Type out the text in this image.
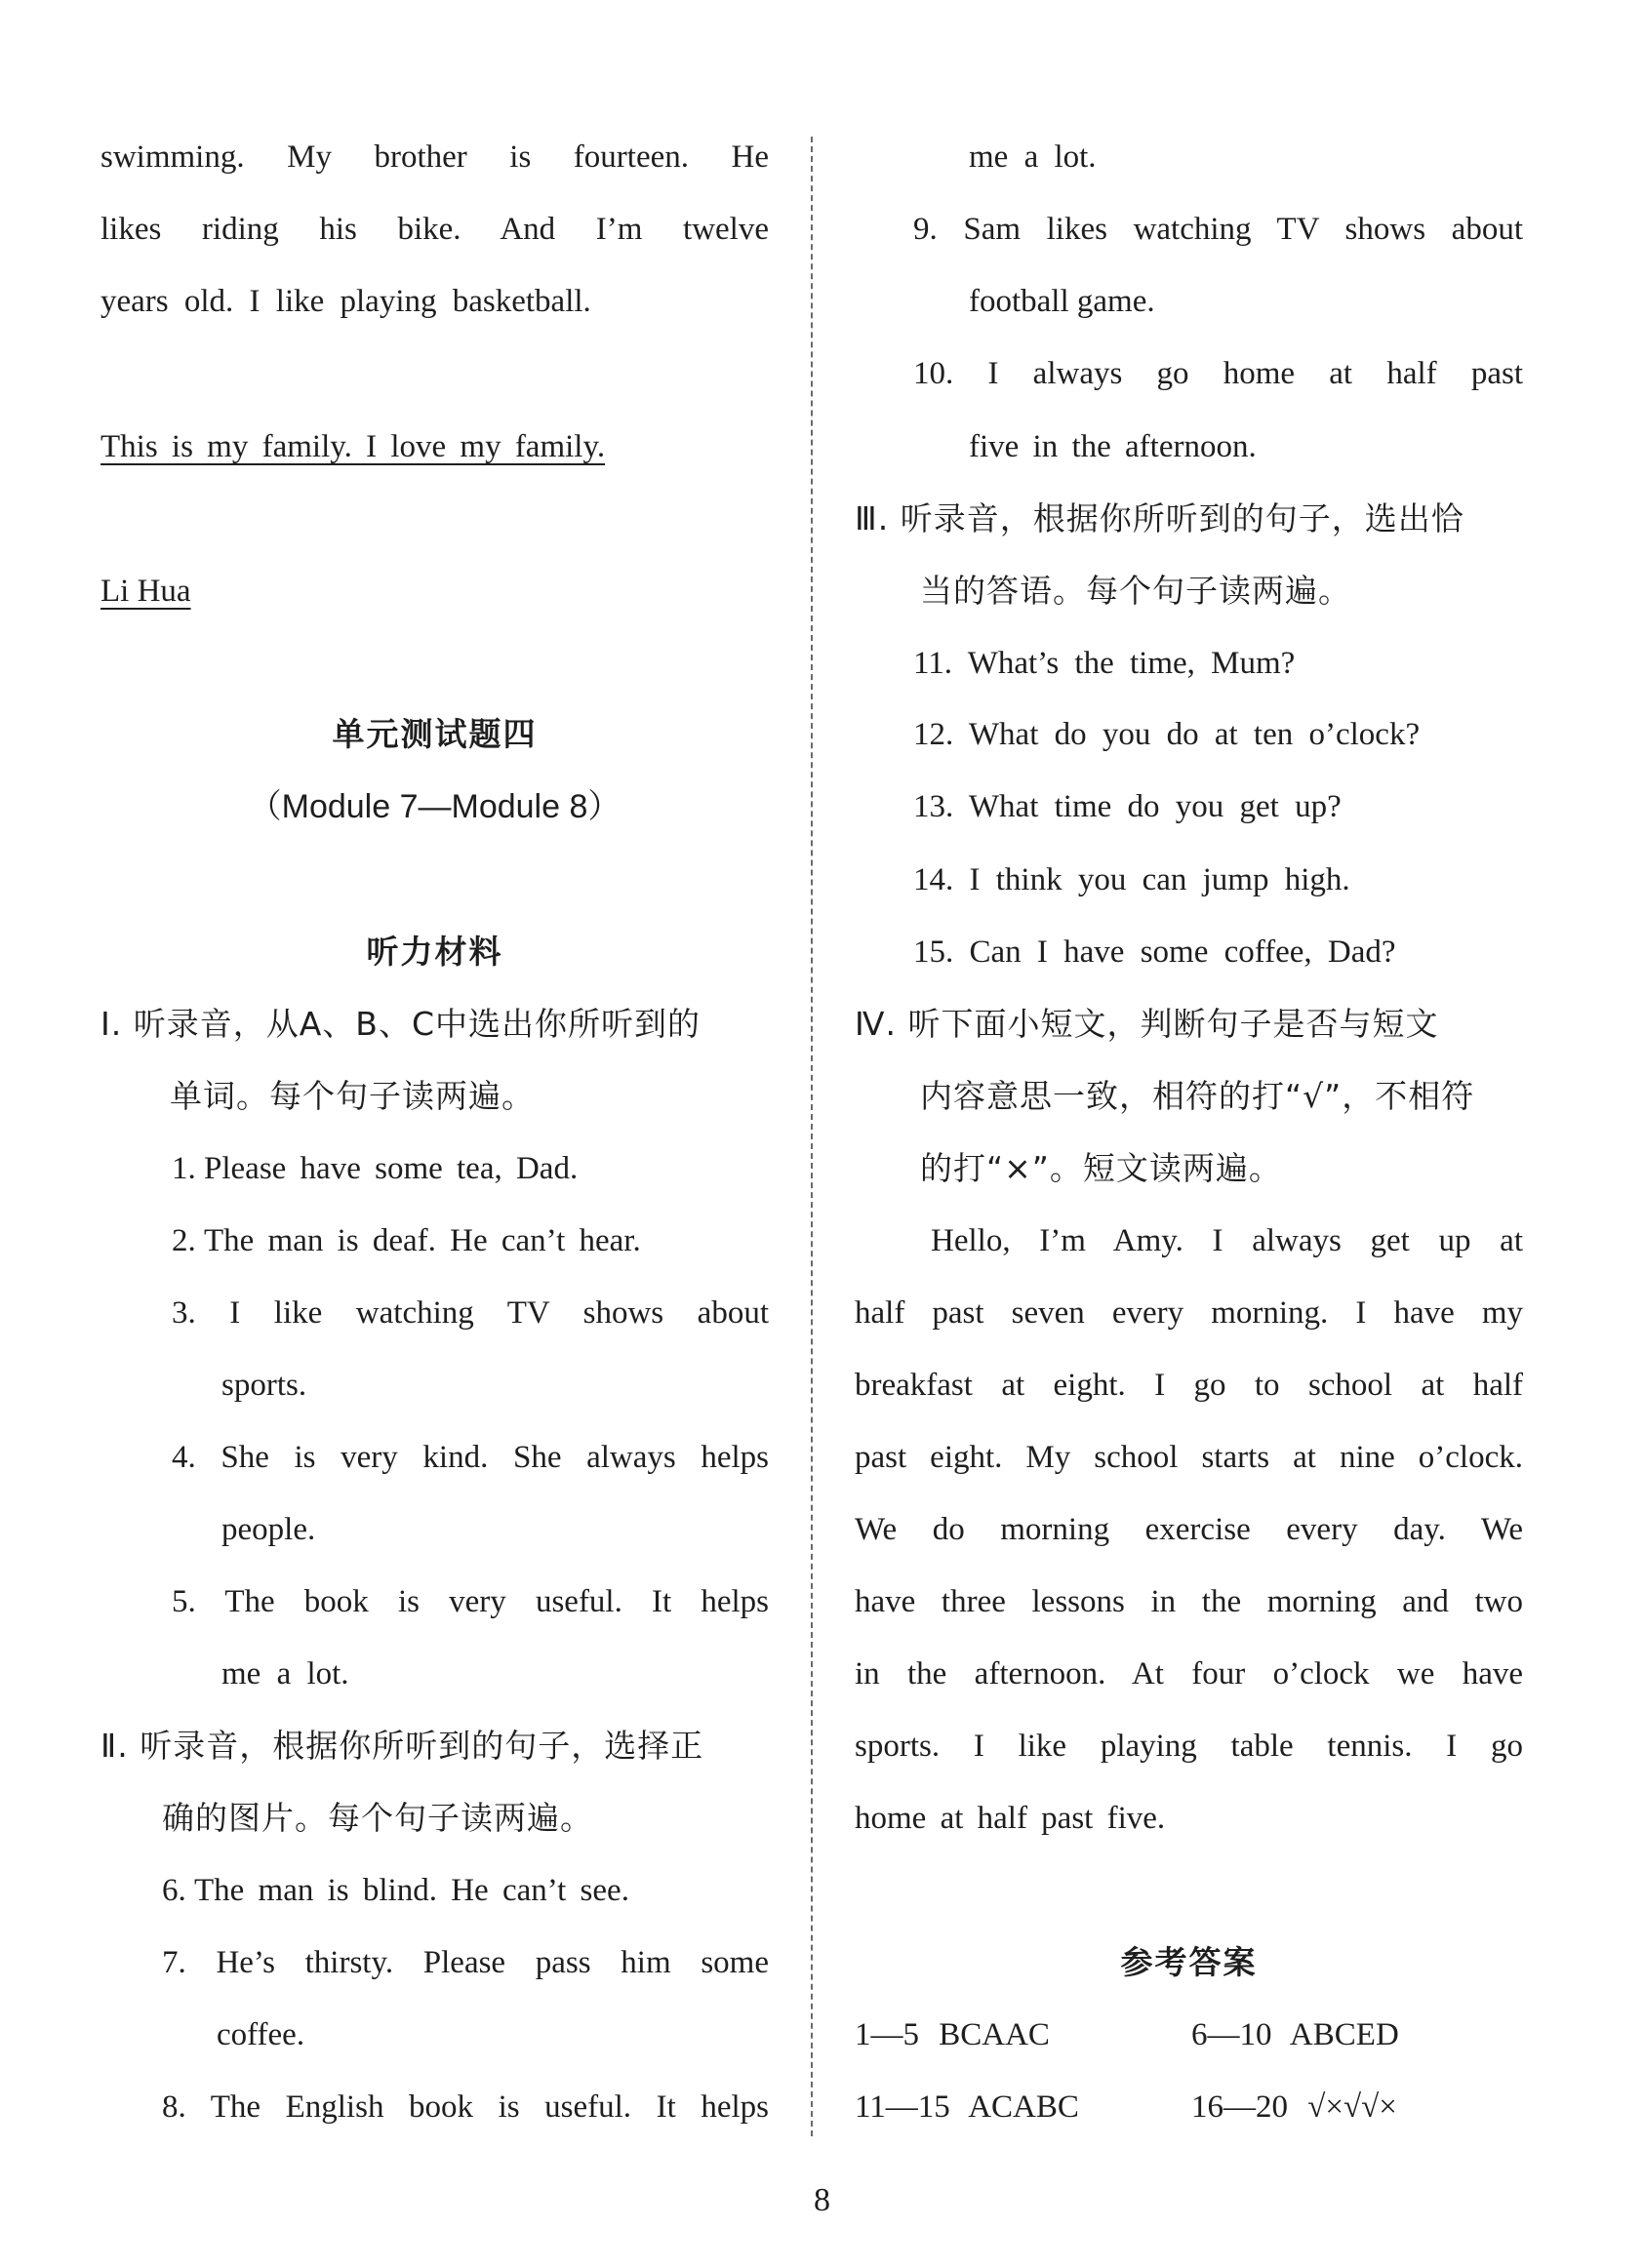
swimming. My brother is fourteen. He
likes riding his bike. And I’m twelve
years old. I like playing basketball.
This is my family. I love my family.
Li Hua
单元测试题四
（Module 7—Module 8）
听力材料
Ⅰ. 听录音，从A、B、C中选出你所听到的
单词。每个句子读两遍。
1. Please have some tea, Dad.
2. The man is deaf. He can’t hear.
3. I like watching TV shows about
sports.
4. She is very kind. She always helps
people.
5. The book is very useful. It helps
me a lot.
Ⅱ. 听录音，根据你所听到的句子，选择正
确的图片。每个句子读两遍。
6. The man is blind. He can’t see.
7. He’s thirsty. Please pass him some
coffee.
8. The English book is useful. It helps
me a lot.
9. Sam likes watching TV shows about
football game.
10. I always go home at half past
five in the afternoon.
Ⅲ. 听录音，根据你所听到的句子，选出恰
当的答语。每个句子读两遍。
11. What’s the time, Mum?
12. What do you do at ten o’clock?
13. What time do you get up?
14. I think you can jump high.
15. Can I have some coffee, Dad?
Ⅳ. 听下面小短文，判断句子是否与短文
内容意思一致，相符的打“√”，不相符
的打“×”。短文读两遍。
Hello, I’m Amy. I always get up at
half past seven every morning. I have my
breakfast at eight. I go to school at half
past eight. My school starts at nine o’clock.
We do morning exercise every day. We
have three lessons in the morning and two
in the afternoon. At four o’clock we have
sports. I like playing table tennis. I go
home at half past five.
参考答案
1—5 BCAAC	6—10 ABCED
11—15 ACABC	16—20 √×√√×
8
